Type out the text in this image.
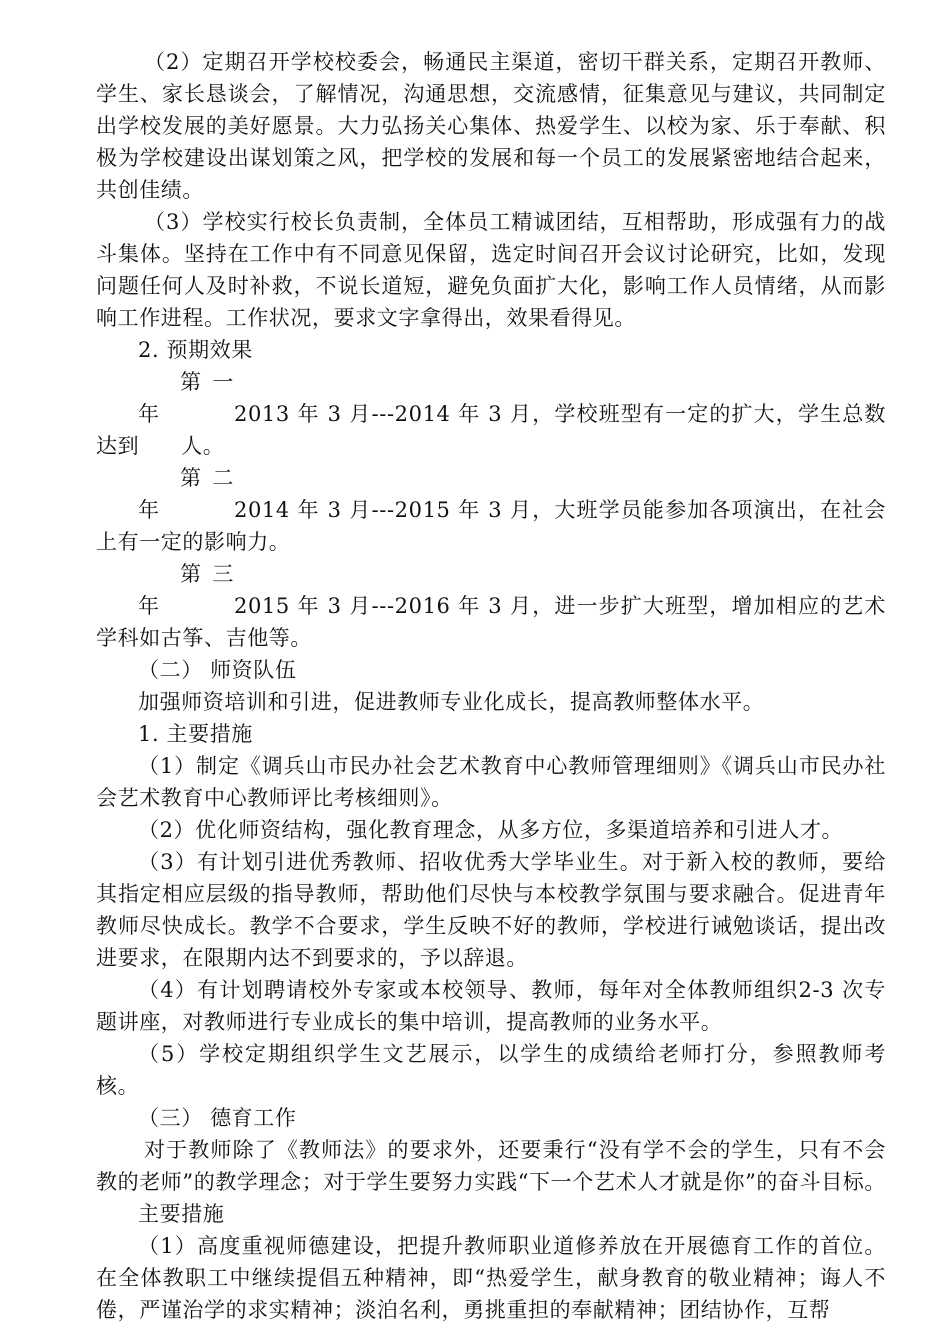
（2）定期召开学校校委会，畅通民主渠道，密切干群关系，定期召开教师、学生、家长恳谈会，了解情况，沟通思想，交流感情，征集意见与建议，共同制定出学校发展的美好愿景。大力弘扬关心集体、热爱学生、以校为家、乐于奉献、积极为学校建设出谋划策之风，把学校的发展和每一个员工的发展紧密地结合起来，共创佳绩。

（3）学校实行校长负责制，全体员工精诚团结，互相帮助，形成强有力的战斗集体。坚持在工作中有不同意见保留，选定时间召开会议讨论研究，比如，发现问题任何人及时补救，不说长道短，避免负面扩大化，影响工作人员情绪，从而影响工作进程。工作状况，要求文字拿得出，效果看得见。

2. 预期效果

第一年	2013 年 3 月---2014 年 3 月，学校班型有一定的扩大，学生总数达到 人。

第二年	2014 年 3 月---2015 年 3 月，大班学员能参加各项演出，在社会上有一定的影响力。

第三年	2015 年 3 月---2016 年 3 月，进一步扩大班型，增加相应的艺术学科如古筝、吉他等。

（二） 师资队伍

加强师资培训和引进，促进教师专业化成长，提高教师整体水平。

1. 主要措施

（1）制定《调兵山市民办社会艺术教育中心教师管理细则》《调兵山市民办社会艺术教育中心教师评比考核细则》。

（2）优化师资结构，强化教育理念，从多方位，多渠道培养和引进人才。

（3）有计划引进优秀教师、招收优秀大学毕业生。对于新入校的教师，要给其指定相应层级的指导教师，帮助他们尽快与本校教学氛围与要求融合。促进青年教师尽快成长。教学不合要求，学生反映不好的教师，学校进行诫勉谈话，提出改进要求，在限期内达不到要求的，予以辞退。

（4）有计划聘请校外专家或本校领导、教师，每年对全体教师组织2-3 次专题讲座，对教师进行专业成长的集中培训，提高教师的业务水平。

（5）学校定期组织学生文艺展示，以学生的成绩给老师打分，参照教师考核。

（三） 德育工作

对于教师除了《教师法》的要求外，还要秉行“没有学不会的学生，只有不会教的老师”的教学理念；对于学生要努力实践“下一个艺术人才就是你”的奋斗目标。

主要措施

（1）高度重视师德建设，把提升教师职业道修养放在开展德育工作的首位。在全体教职工中继续提倡五种精神，即“热爱学生，献身教育的敬业精神；诲人不倦，严谨治学的求实精神；淡泊名利，勇挑重担的奉献精神；团结协作，互帮
